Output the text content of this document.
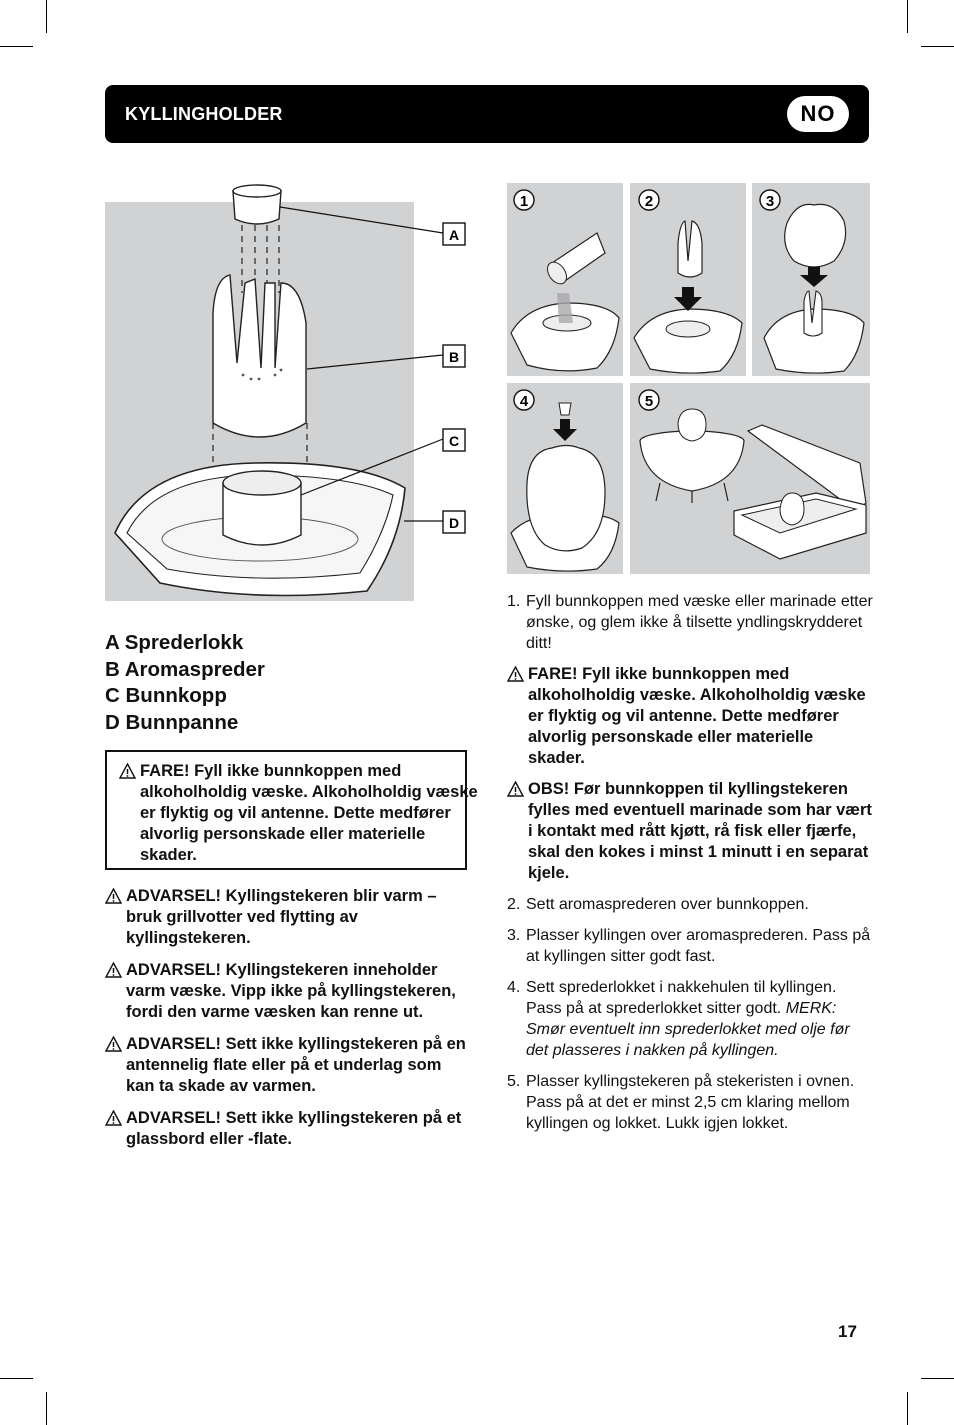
KYLLINGHOLDER	NO
A
B
C
D
1	2	3
4	5
A Sprederlokk
B Aromaspreder
C Bunnkopp
D Bunnpanne
FARE! Fyll ikke bunnkoppen med alkoholholdig væske. Alkoholholdig væske er flyktig og vil antenne. Dette medfører alvorlig personskade eller materielle skader.
ADVARSEL! Kyllingstekeren blir varm – bruk grillvotter ved flytting av kyllingstekeren.
ADVARSEL! Kyllingstekeren inneholder varm væske. Vipp ikke på kyllingstekeren, fordi den varme væsken kan renne ut.
ADVARSEL! Sett ikke kyllingstekeren på en antennelig flate eller på et underlag som kan ta skade av varmen.
ADVARSEL! Sett ikke kyllingstekeren på et glassbord eller -flate.
1. Fyll bunnkoppen med væske eller marinade etter ønske, og glem ikke å tilsette yndlingskrydderet ditt!
FARE! Fyll ikke bunnkoppen med alkoholholdig væske. Alkoholholdig væske er flyktig og vil antenne. Dette medfører alvorlig personskade eller materielle skader.
OBS! Før bunnkoppen til kyllingstekeren fylles med eventuell marinade som har vært i kontakt med rått kjøtt, rå fisk eller fjærfe, skal den kokes i minst 1 minutt i en separat kjele.
2. Sett aromasprederen over bunnkoppen.
3. Plasser kyllingen over aromasprederen. Pass på at kyllingen sitter godt fast.
4. Sett sprederlokket i nakkehulen til kyllingen. Pass på at sprederlokket sitter godt. MERK: Smør eventuelt inn sprederlokket med olje før det plasseres i nakken på kyllingen.
5. Plasser kyllingstekeren på stekeristen i ovnen. Pass på at det er minst 2,5 cm klaring mellom kyllingen og lokket. Lukk igjen lokket.
17
